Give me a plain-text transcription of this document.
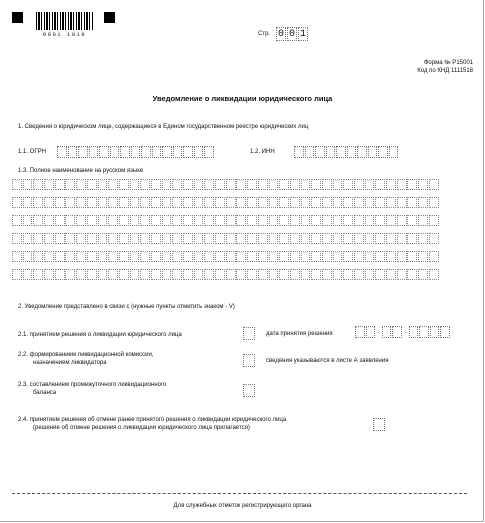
0801 1019	Стр. 0 0 1
Форма № Р15001
Код по КНД 1111518
Уведомление о ликвидации юридического лица
1. Сведения о юридическом лице, содержащиеся в Едином государственном реестре юридических лиц
1.1. ОГРН	1.2. ИНН
1.3. Полное наименование на русском языке
2. Уведомление представлено в связи с (нужные пункты отметить знаком - V)
2.1. принятием решения о ликвидации юридического лица	дата принятия решения	.	.
2.2. формированием ликвидационной комиссии,
назначением ликвидатора	сведения указываются в листе А заявления
2.3. составлением промежуточного ликвидационного
баланса
2.4. принятием решения об отмене ранее принятого решения о ликвидации юридического лица
(решение об отмене решения о ликвидации юридического лица прилагается)
Для служебных отметок регистрирующего органа
